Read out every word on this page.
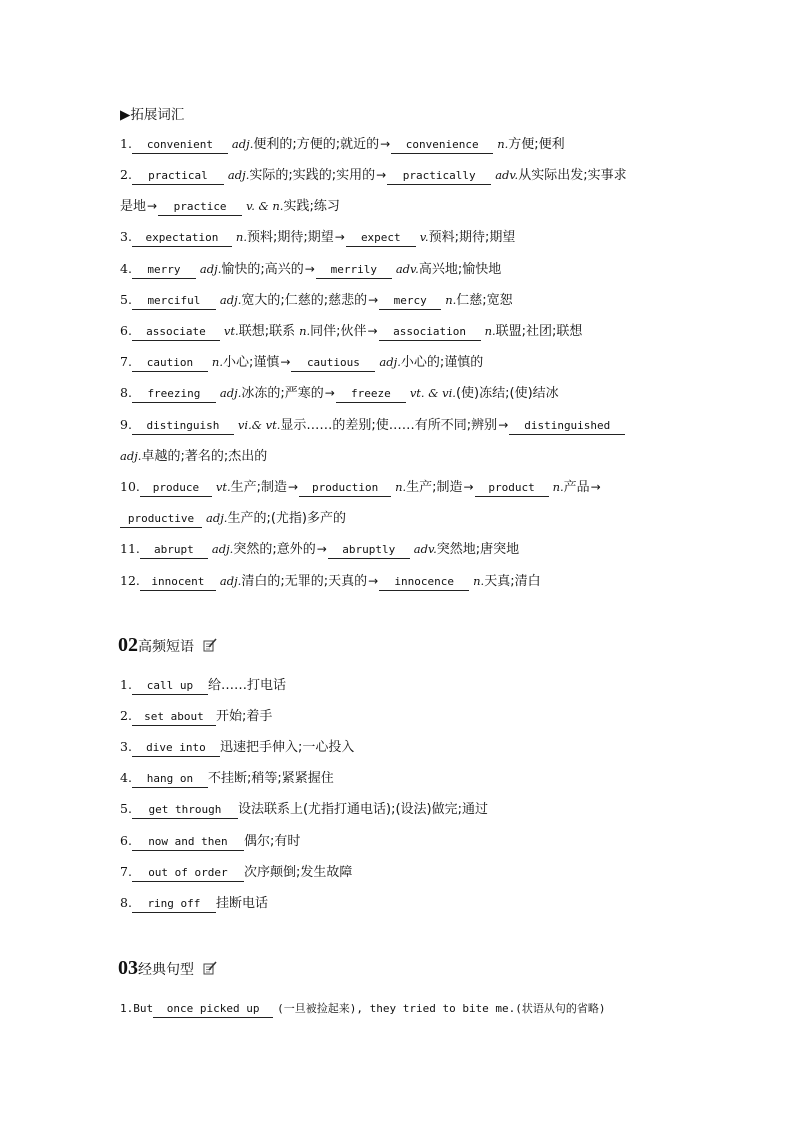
▶拓展词汇
1. convenient adj.便利的;方便的;就近的→ convenience n.方便;便利
2. practical adj.实际的;实践的;实用的→ practically adv.从实际出发;实事求
是地→ practice v. & n.实践;练习
3. expectation n.预料;期待;期望→ expect v.预料;期待;期望
4. merry adj.愉快的;高兴的→ merrily adv.高兴地;愉快地
5. merciful adj.宽大的;仁慈的;慈悲的→ mercy n.仁慈;宽恕
6. associate vt.联想;联系 n.同伴;伙伴→ association n.联盟;社团;联想
7. caution n.小心;谨慎→ cautious adj.小心的;谨慎的
8. freezing adj.冰冻的;严寒的→ freeze vt. & vi.(使)冻结;(使)结冰
9. distinguish vi.& vt.显示……的差别;使……有所不同;辨别→ distinguished
adj.卓越的;著名的;杰出的
10. produce vt.生产;制造→ production n.生产;制造→ product n.产品→
productive adj.生产的;(尤指)多产的
11. abrupt adj.突然的;意外的→ abruptly adv.突然地;唐突地
12. innocent adj.清白的;无罪的;天真的→ innocence n.天真;清白
02高频短语
1. call up 给……打电话
2. set about 开始;着手
3. dive into 迅速把手伸入;一心投入
4. hang on 不挂断;稍等;紧紧握住
5. get through 设法联系上(尤指打通电话);(设法)做完;通过
6. now and then 偶尔;有时
7. out of order 次序颠倒;发生故障
8. ring off 挂断电话
03经典句型
1.But once picked up (一旦被捡起来), they tried to bite me.(状语从句的省略)
